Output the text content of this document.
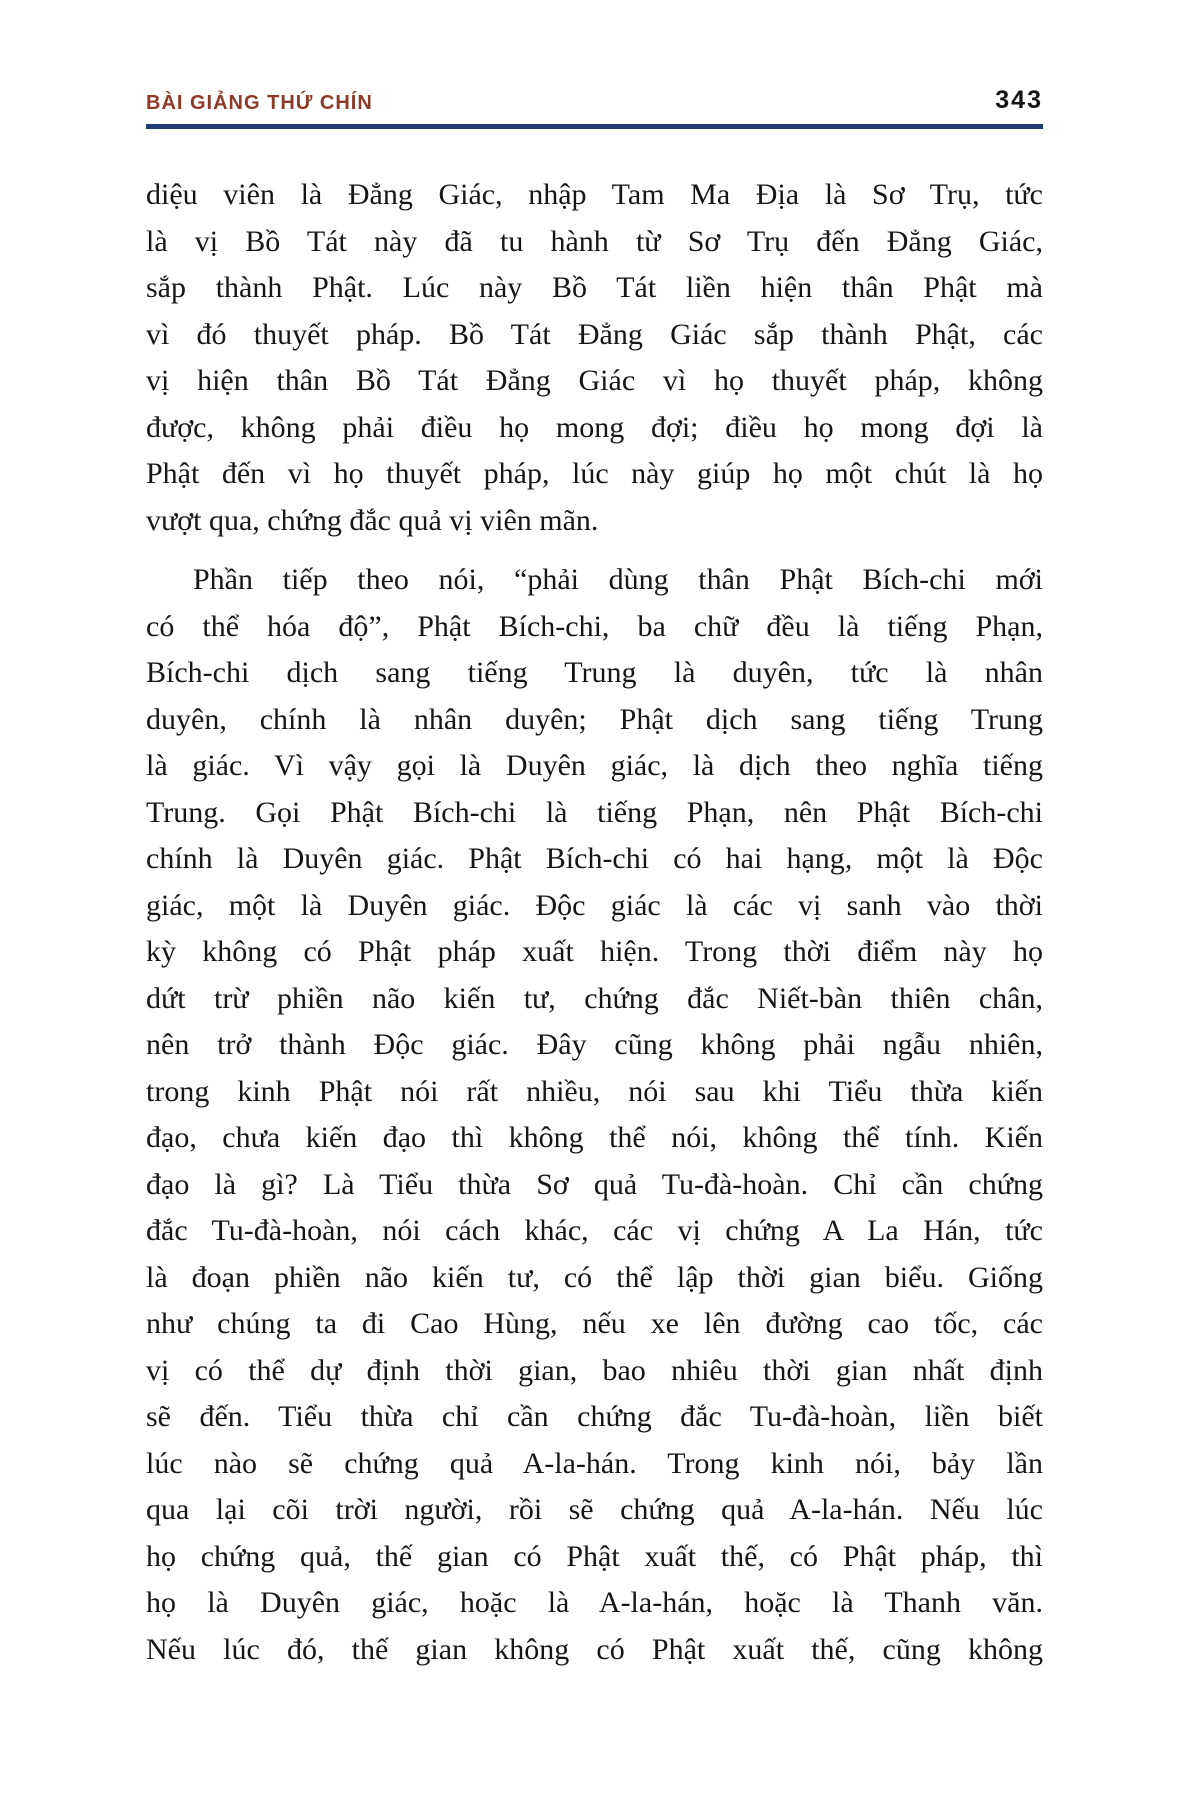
BÀI GIẢNG THỨ CHÍN	343
diệu viên là Đẳng Giác, nhập Tam Ma Địa là Sơ Trụ, tức
là vị Bồ Tát này đã tu hành từ Sơ Trụ đến Đẳng Giác,
sắp thành Phật. Lúc này Bồ Tát liền hiện thân Phật mà
vì đó thuyết pháp. Bồ Tát Đẳng Giác sắp thành Phật, các
vị hiện thân Bồ Tát Đẳng Giác vì họ thuyết pháp, không
được, không phải điều họ mong đợi; điều họ mong đợi là
Phật đến vì họ thuyết pháp, lúc này giúp họ một chút là họ
vượt qua, chứng đắc quả vị viên mãn.
Phần tiếp theo nói, “phải dùng thân Phật Bích-chi mới
có thể hóa độ”, Phật Bích-chi, ba chữ đều là tiếng Phạn,
Bích-chi dịch sang tiếng Trung là duyên, tức là nhân
duyên, chính là nhân duyên; Phật dịch sang tiếng Trung
là giác. Vì vậy gọi là Duyên giác, là dịch theo nghĩa tiếng
Trung. Gọi Phật Bích-chi là tiếng Phạn, nên Phật Bích-chi
chính là Duyên giác. Phật Bích-chi có hai hạng, một là Độc
giác, một là Duyên giác. Độc giác là các vị sanh vào thời
kỳ không có Phật pháp xuất hiện. Trong thời điểm này họ
dứt trừ phiền não kiến tư, chứng đắc Niết-bàn thiên chân,
nên trở thành Độc giác. Đây cũng không phải ngẫu nhiên,
trong kinh Phật nói rất nhiều, nói sau khi Tiểu thừa kiến
đạo, chưa kiến đạo thì không thể nói, không thể tính. Kiến
đạo là gì? Là Tiểu thừa Sơ quả Tu-đà-hoàn. Chỉ cần chứng
đắc Tu-đà-hoàn, nói cách khác, các vị chứng A La Hán, tức
là đoạn phiền não kiến tư, có thể lập thời gian biểu. Giống
như chúng ta đi Cao Hùng, nếu xe lên đường cao tốc, các
vị có thể dự định thời gian, bao nhiêu thời gian nhất định
sẽ đến. Tiểu thừa chỉ cần chứng đắc Tu-đà-hoàn, liền biết
lúc nào sẽ chứng quả A-la-hán. Trong kinh nói, bảy lần
qua lại cõi trời người, rồi sẽ chứng quả A-la-hán. Nếu lúc
họ chứng quả, thế gian có Phật xuất thế, có Phật pháp, thì
họ là Duyên giác, hoặc là A-la-hán, hoặc là Thanh văn.
Nếu lúc đó, thế gian không có Phật xuất thế, cũng không
